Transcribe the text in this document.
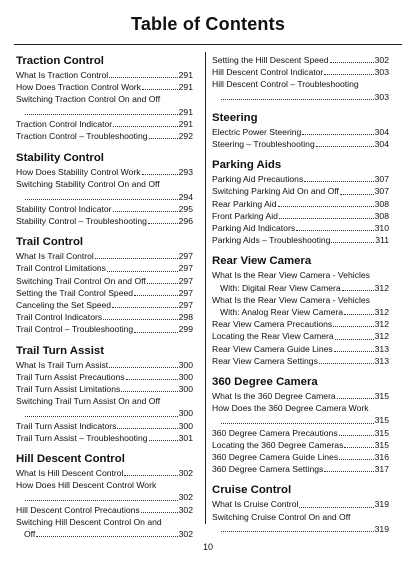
Table of Contents
Traction Control
What Is Traction Control	291
How Does Traction Control Work	291
Switching Traction Control On and Off
291
Traction Control Indicator	291
Traction Control – Troubleshooting	292
Stability Control
How Does Stability Control Work	293
Switching Stability Control On and Off
294
Stability Control Indicator	295
Stability Control – Troubleshooting	296
Trail Control
What Is Trail Control	297
Trail Control Limitations	297
Switching Trail Control On and Off	297
Setting the Trail Control Speed	297
Canceling the Set Speed	297
Trail Control Indicators	298
Trail Control – Troubleshooting	299
Trail Turn Assist
What Is Trail Turn Assist	300
Trail Turn Assist Precautions	300
Trail Turn Assist Limitations	300
Switching Trail Turn Assist On and Off
300
Trail Turn Assist Indicators	300
Trail Turn Assist – Troubleshooting	301
Hill Descent Control
What Is Hill Descent Control	302
How Does Hill Descent Control Work
302
Hill Descent Control Precautions	302
Switching Hill Descent Control On and
Off	302
Setting the Hill Descent Speed	302
Hill Descent Control Indicator	303
Hill Descent Control – Troubleshooting
303
Steering
Electric Power Steering	304
Steering – Troubleshooting	304
Parking Aids
Parking Aid Precautions	307
Switching Parking Aid On and Off	307
Rear Parking Aid	308
Front Parking Aid	308
Parking Aid Indicators	310
Parking Aids – Troubleshooting	311
Rear View Camera
What Is the Rear View Camera - Vehicles
With: Digital Rear View Camera	312
What Is the Rear View Camera - Vehicles
With: Analog Rear View Camera	312
Rear View Camera Precautions	312
Locating the Rear View Camera	312
Rear View Camera Guide Lines	313
Rear View Camera Settings	313
360 Degree Camera
What Is the 360 Degree Camera	315
How Does the 360 Degree Camera Work
315
360 Degree Camera Precautions	315
Locating the 360 Degree Cameras	315
360 Degree Camera Guide Lines	316
360 Degree Camera Settings	317
Cruise Control
What Is Cruise Control	319
Switching Cruise Control On and Off
319
10
